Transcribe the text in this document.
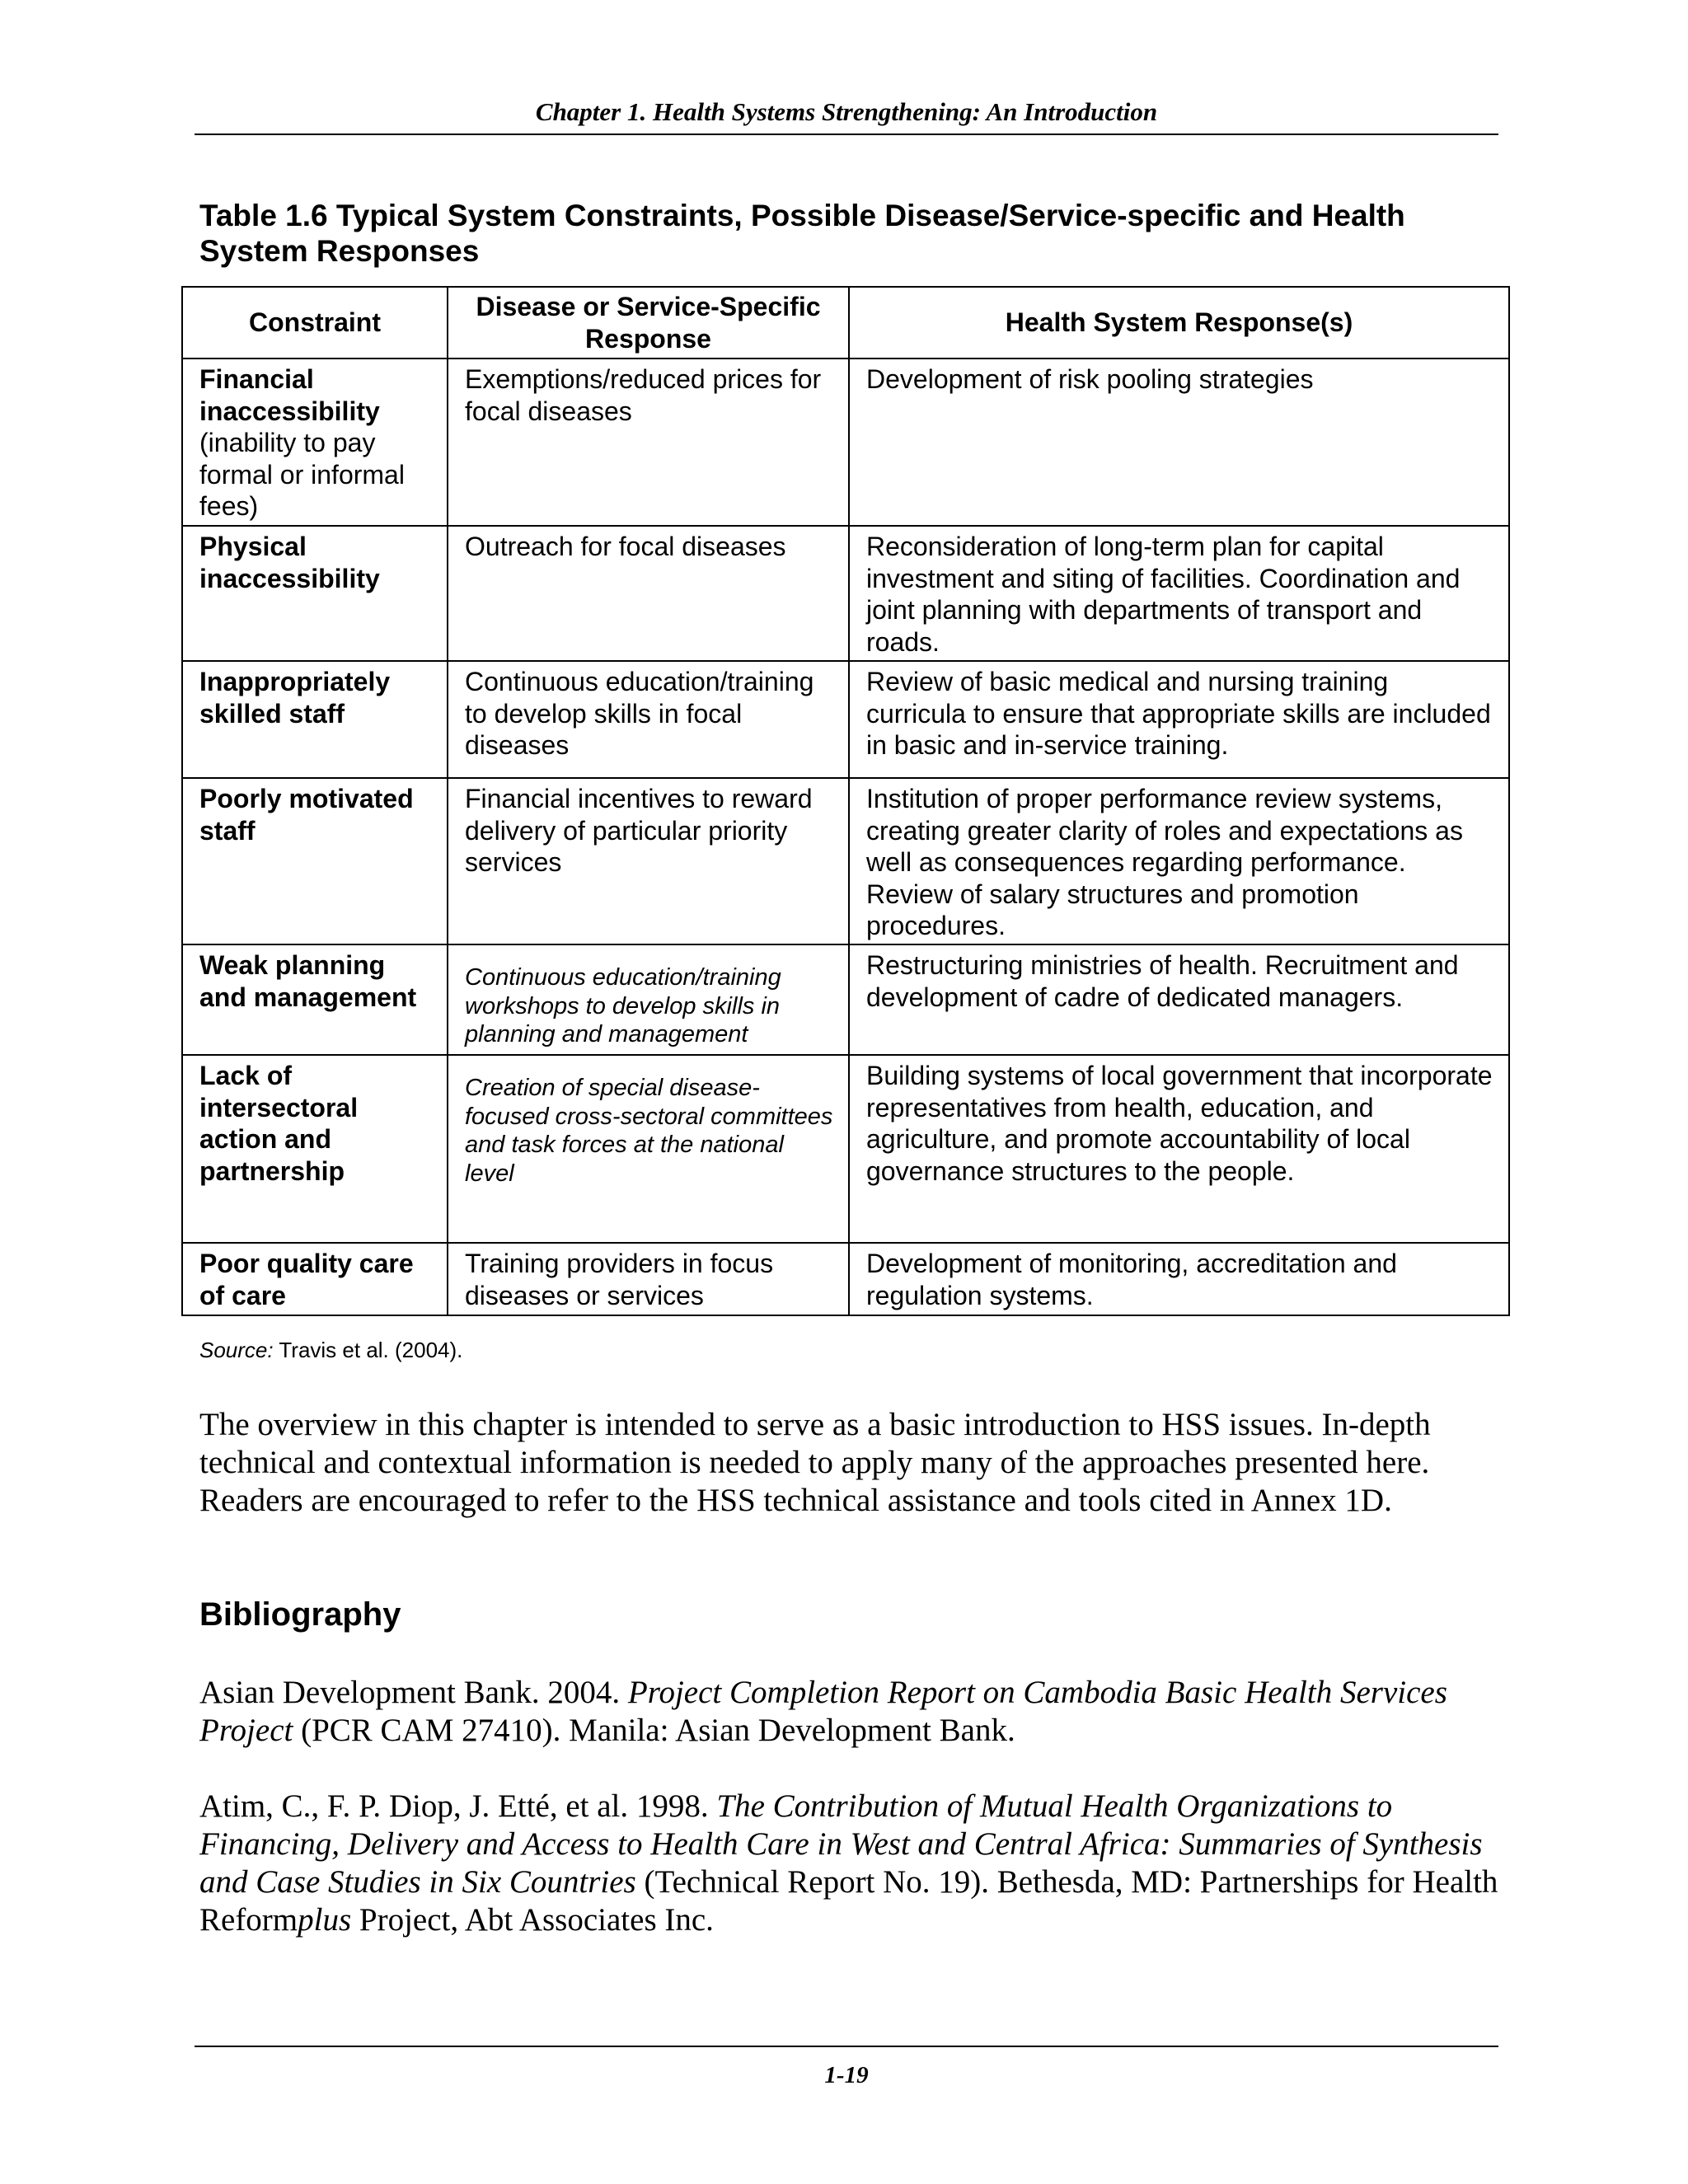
Chapter 1. Health Systems Strengthening: An Introduction
Table 1.6 Typical System Constraints, Possible Disease/Service-specific and Health System Responses
Constraint	Disease or Service-Specific Response	Health System Response(s)
Financial inaccessibility (inability to pay formal or informal fees)	Exemptions/reduced prices for focal diseases	Development of risk pooling strategies
Physical inaccessibility	Outreach for focal diseases	Reconsideration of long-term plan for capital investment and siting of facilities. Coordination and joint planning with departments of transport and roads.
Inappropriately skilled staff	Continuous education/training to develop skills in focal diseases	Review of basic medical and nursing training curricula to ensure that appropriate skills are included in basic and in-service training.
Poorly motivated staff	Financial incentives to reward delivery of particular priority services	Institution of proper performance review systems, creating greater clarity of roles and expectations as well as consequences regarding performance. Review of salary structures and promotion procedures.
Weak planning and management	Continuous education/training workshops to develop skills in planning and management	Restructuring ministries of health. Recruitment and development of cadre of dedicated managers.
Lack of intersectoral action and partnership	Creation of special disease-focused cross-sectoral committees and task forces at the national level	Building systems of local government that incorporate representatives from health, education, and agriculture, and promote accountability of local governance structures to the people.
Poor quality care of care	Training providers in focus diseases or services	Development of monitoring, accreditation and regulation systems.
Source: Travis et al. (2004).
The overview in this chapter is intended to serve as a basic introduction to HSS issues. In-depth technical and contextual information is needed to apply many of the approaches presented here. Readers are encouraged to refer to the HSS technical assistance and tools cited in Annex 1D.
Bibliography
Asian Development Bank. 2004. Project Completion Report on Cambodia Basic Health Services Project (PCR CAM 27410). Manila: Asian Development Bank.
Atim, C., F. P. Diop, J. Etté, et al. 1998. The Contribution of Mutual Health Organizations to Financing, Delivery and Access to Health Care in West and Central Africa: Summaries of Synthesis and Case Studies in Six Countries (Technical Report No. 19). Bethesda, MD: Partnerships for Health Reformplus Project, Abt Associates Inc.
1-19
